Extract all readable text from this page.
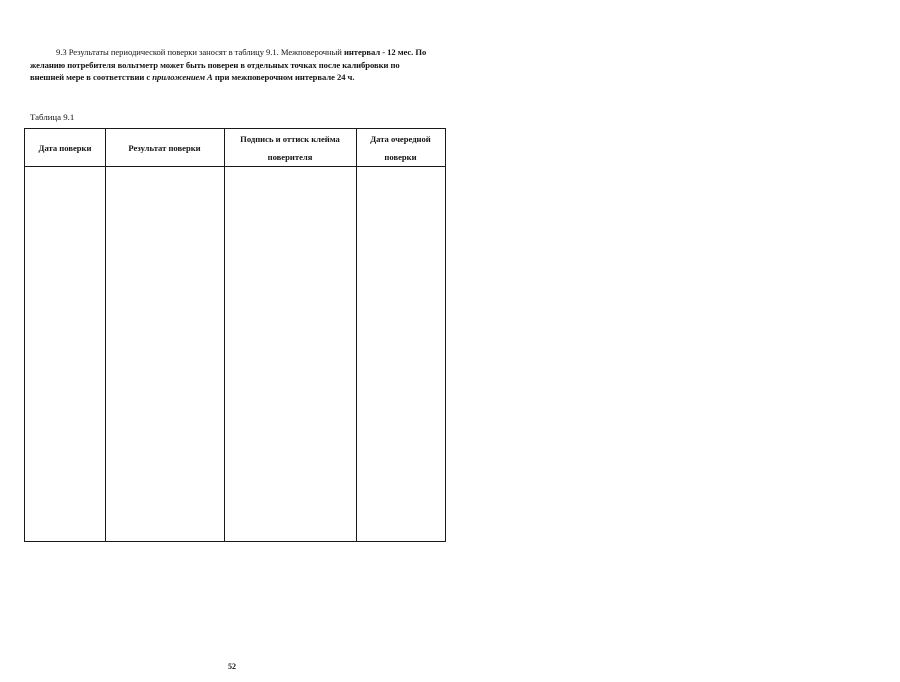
9.3 Результаты периодической поверки заносят в таблицу 9.1. Межповерочный интервал - 12 мес. По желанию потребителя вольтметр может быть поверен в отдельных точках после калибровки по внешней мере в соответствии с приложением А при межповерочном интервале 24 ч.
Таблица 9.1
Дата поверки	Результат поверки
Подпись и оттиск клейма поверителя
Дата очередной поверки
52
